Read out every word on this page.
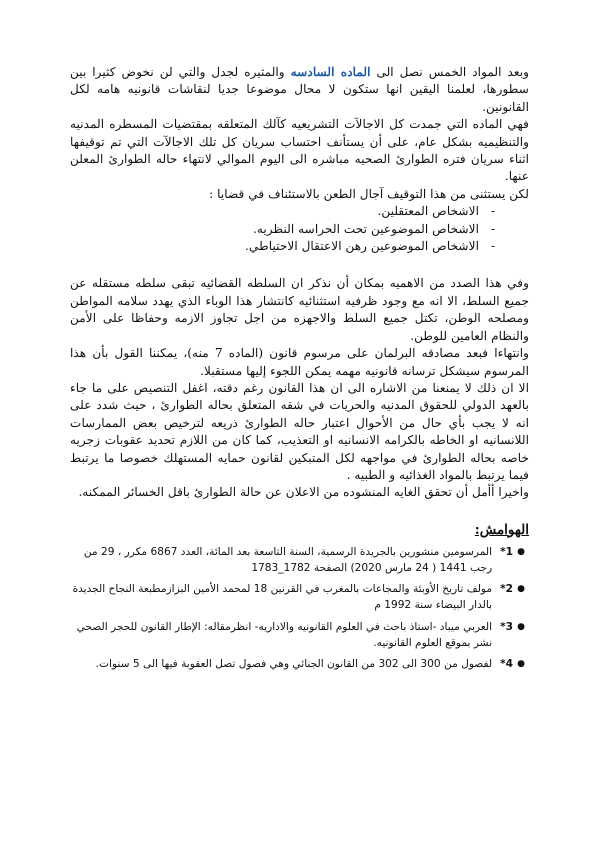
وبعد المواد الخمس نصل الى الماده السادسه والمثيره لجدل والتي لن نخوض كثيرا بين سطورها، لعلمنا اليقين انها ستكون لا محال موضوعا جديا لنقاشات قانونيه هامه لكل القانونين.

فهي الماده التي جمدت كل الاجالآت التشريعيه كآلك المتعلقه بمقتضيات المسطره المدنيه والتنظيميه بشكل عام، على أن يستأنف احتساب سريان كل تلك الاجالآت التي تم توقيفها اثناء سريان فتره الطوارئ الصحيه مباشره الى اليوم الموالي لانتهاء حاله الطوارئ المعلن عنها.

لكن يستثنى من هذا التوقيف آجال الطعن بالاستئناف في قضايا :

-
الاشخاص المعتقلين.
-
الاشخاص الموضوعين تحت الحراسه النظريه.
-
الاشخاص الموضوعين رهن الاعتقال الاحتياطي.

وفي هذا الصدد من الاهميه بمكان أن نذكر ان السلطه القضائيه تبقى سلطه مستقله عن جميع السلط، الا انه مع وجود ظرفيه استثنائيه كانتشار هذا الوباء الذي يهدد سلامه المواطن ومصلحه الوطن، تكتل جميع السلط والاجهزه من اجل تجاوز الازمه وحفاظا على الأمن والنظام العامين للوطن.

وانتهاءا فبعد مصادقه البرلمان على مرسوم قانون (الماده 7 منه)، يمكننا القول بأن هذا المرسوم سيشكل ترسانه قانونيه مهمه يمكن اللجوء إليها مستقبلا.

الا ان ذلك لا يمنعنا من الاشاره الى ان هذا القانون رغم دقته، اغفل التنصيص على ما جاء بالعهد الدولي للحقوق المدنيه والحريات في شقه المتعلق بحاله الطوارئ ، حيث شدد على انه لا يجب بأي حال من الأحوال اعتبار حاله الطوارئ ذريعه لترخيص بعض الممارسات اللانسانيه او الخاطه بالكرامه الانسانيه او التعذيب، كما كان من اللازم تحديد عقوبات زجريه خاصه بحاله الطوارئ في مواجهه لكل المتبكين لقانون حمايه المستهلك خصوصا ما يرتبط فيما يرتبط بالمواد الغذائيه و الطبيه .

واخيرا أأمل أن تحقق الغايه المنشوده من الاعلان عن حالة الطوارئ باقل الخسائر الممكنه.

الهوامش:
●
1*
المرسومين منشورين بالجريدة الرسمية، السنة التاسعة بعد المائة، العدد 6867 مكرر ، 29 من رجب 1441 ( 24 مارس 2020) الصفحة 1782_1783
●
2*
مولف تاريخ الأوبئة والمجاعات بالمغرب في القرنين 18 لمحمد الأمين البزازمطبعة النجاح الجديدة بالدار البيضاء سنة 1992 م
●
3*
العربي ميباد -استاذ باحث في العلوم القانونيه والاداريه- انظرمقاله: الإطار القانون للحجر الصحي نشر بموقع العلوم القانونيه.
●
4*
لفصول من 300 الى 302 من القانون الجنائي وهي فصول تصل العقوبة فيها الى 5 سنوات.
